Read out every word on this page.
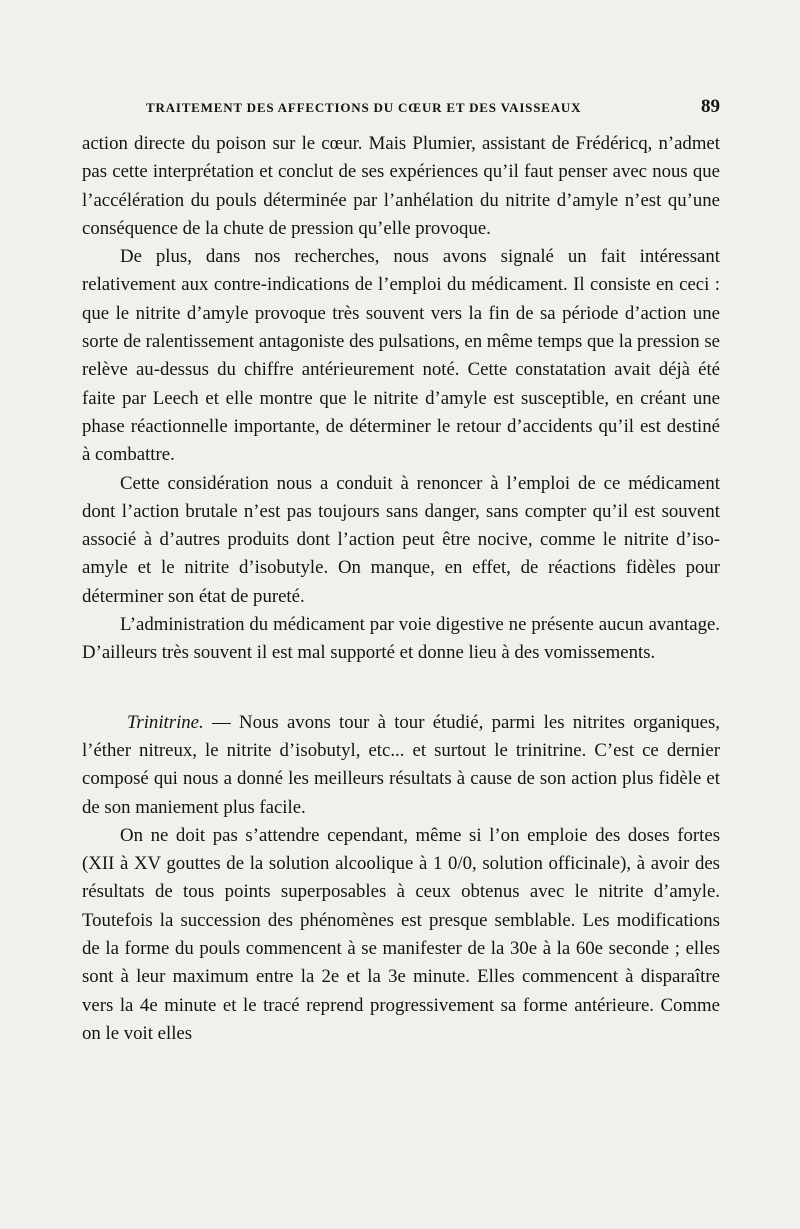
TRAITEMENT DES AFFECTIONS DU CŒUR ET DES VAISSEAUX	89

action directe du poison sur le cœur. Mais Plumier, assistant de Frédéricq, n’admet pas cette interprétation et conclut de ses expériences qu’il faut penser avec nous que l’accélération du pouls déterminée par l’anhélation du nitrite d’amyle n’est qu’une conséquence de la chute de pression qu’elle provoque.

De plus, dans nos recherches, nous avons signalé un fait intéressant relativement aux contre-indications de l’emploi du médicament. Il consiste en ceci : que le nitrite d’amyle provoque très souvent vers la fin de sa période d’action une sorte de ralentissement antagoniste des pulsations, en même temps que la pression se relève au-dessus du chiffre antérieurement noté. Cette constatation avait déjà été faite par Leech et elle montre que le nitrite d’amyle est susceptible, en créant une phase réactionnelle importante, de déterminer le retour d’accidents qu’il est destiné à combattre.

Cette considération nous a conduit à renoncer à l’emploi de ce médicament dont l’action brutale n’est pas toujours sans danger, sans compter qu’il est souvent associé à d’autres produits dont l’action peut être nocive, comme le nitrite d’iso-amyle et le nitrite d’isobutyle. On manque, en effet, de réactions fidèles pour déterminer son état de pureté.

L’administration du médicament par voie digestive ne présente aucun avantage. D’ailleurs très souvent il est mal supporté et donne lieu à des vomissements.

Trinitrine. — Nous avons tour à tour étudié, parmi les nitrites organiques, l’éther nitreux, le nitrite d’isobutyl, etc... et surtout le trinitrine. C’est ce dernier composé qui nous a donné les meilleurs résultats à cause de son action plus fidèle et de son maniement plus facile.

On ne doit pas s’attendre cependant, même si l’on emploie des doses fortes (XII à XV gouttes de la solution alcoolique à 1 0/0, solution officinale), à avoir des résultats de tous points superposables à ceux obtenus avec le nitrite d’amyle. Toutefois la succession des phénomènes est presque semblable. Les modifications de la forme du pouls commencent à se manifester de la 30e à la 60e seconde ; elles sont à leur maximum entre la 2e et la 3e minute. Elles commencent à disparaître vers la 4e minute et le tracé reprend progressivement sa forme antérieure. Comme on le voit elles
